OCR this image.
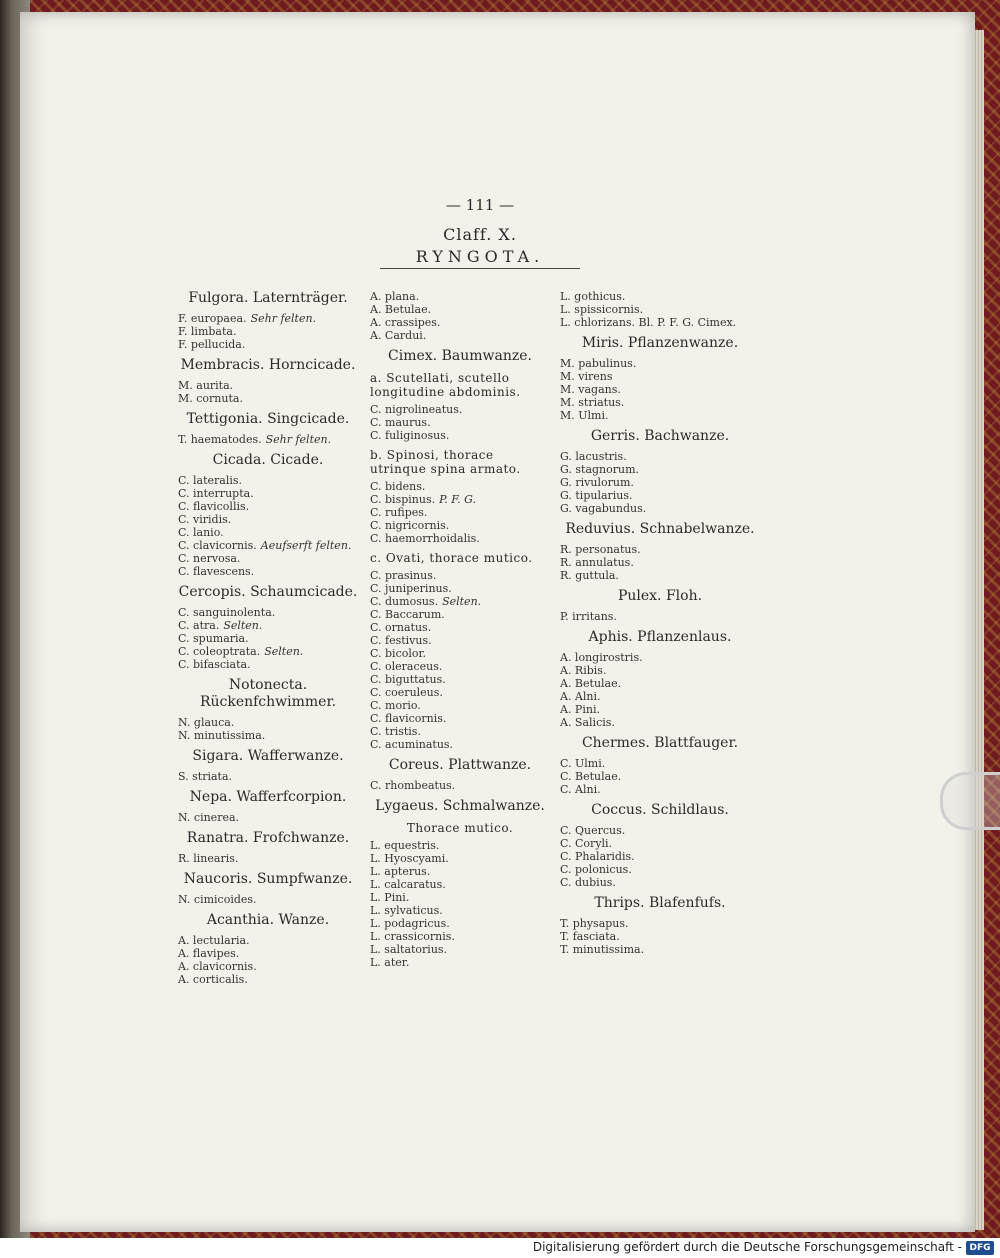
— 111 —
Claff. X.
RYNGOTA.
Fulgora. Laternträger.
F. europaea. Sehr felten.
F. limbata.
F. pellucida.
Membracis. Horncicade.
M. aurita.
M. cornuta.
Tettigonia. Singcicade.
T. haematodes. Sehr felten.
Cicada. Cicade.
C. lateralis.
C. interrupta.
C. flavicollis.
C. viridis.
C. lanio.
C. clavicornis. Aeufserft felten.
C. nervosa.
C. flavescens.
Cercopis. Schaumcicade.
C. sanguinolenta.
C. atra. Selten.
C. spumaria.
C. coleoptrata. Selten.
C. bifasciata.
Notonecta. Rückenfchwimmer.
N. glauca.
N. minutissima.
Sigara. Wafferwanze.
S. striata.
Nepa. Wafferfcorpion.
N. cinerea.
Ranatra. Frofchwanze.
R. linearis.
Naucoris. Sumpfwanze.
N. cimicoides.
Acanthia. Wanze.
A. lectularia.
A. flavipes.
A. clavicornis.
A. corticalis.
A. plana.
A. Betulae.
A. crassipes.
A. Cardui.
Cimex. Baumwanze.
a. Scutellati, scutello longitudine abdominis.
C. nigrolineatus.
C. maurus.
C. fuliginosus.
b. Spinosi, thorace utrinque spina armato.
C. bidens.
C. bispinus. P. F. G.
C. rufipes.
C. nigricornis.
C. haemorrhoidalis.
c. Ovati, thorace mutico.
C. prasinus.
C. juniperinus.
C. dumosus. Selten.
C. Baccarum.
C. ornatus.
C. festivus.
C. bicolor.
C. oleraceus.
C. biguttatus.
C. coeruleus.
C. morio.
C. flavicornis.
C. tristis.
C. acuminatus.
Coreus. Plattwanze.
C. rhombeatus.
Lygaeus. Schmalwanze.
Thorace mutico.
L. equestris.
L. Hyoscyami.
L. apterus.
L. calcaratus.
L. Pini.
L. sylvaticus.
L. podagricus.
L. crassicornis.
L. saltatorius.
L. ater.
L. gothicus.
L. spissicornis.
L. chlorizans. Bl. P. F. G. Cimex.
Miris. Pflanzenwanze.
M. pabulinus.
M. virens
M. vagans.
M. striatus.
M. Ulmi.
Gerris. Bachwanze.
G. lacustris.
G. stagnorum.
G. rivulorum.
G. tipularius.
G. vagabundus.
Reduvius. Schnabelwanze.
R. personatus.
R. annulatus.
R. guttula.
Pulex. Floh.
P. irritans.
Aphis. Pflanzenlaus.
A. longirostris.
A. Ribis.
A. Betulae.
A. Alni.
A. Pini.
A. Salicis.
Chermes. Blattfauger.
C. Ulmi.
C. Betulae.
C. Alni.
Coccus. Schildlaus.
C. Quercus.
C. Coryli.
C. Phalaridis.
C. polonicus.
C. dubius.
Thrips. Blafenfufs.
T. physapus.
T. fasciata.
T. minutissima.
Digitalisierung gefördert durch die Deutsche Forschungsgemeinschaft - DFG
